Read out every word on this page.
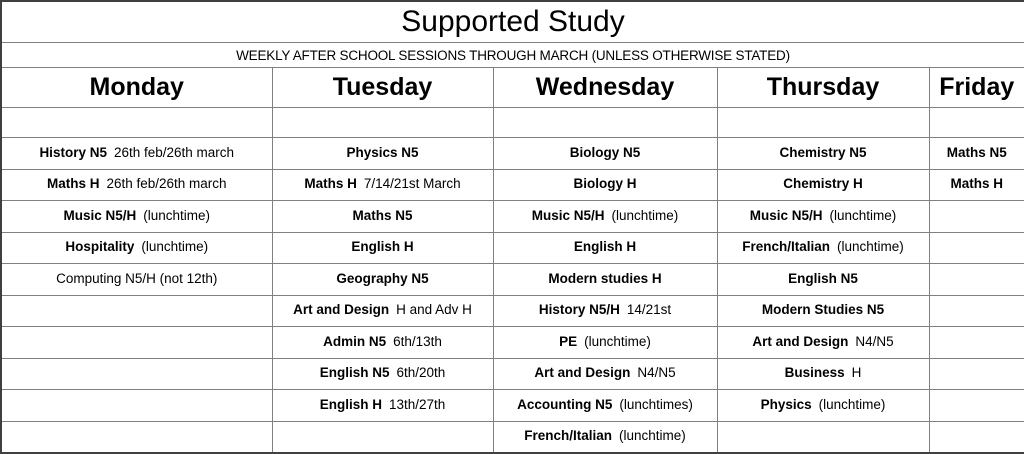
Supported Study				
WEEKLY AFTER SCHOOL SESSIONS THROUGH MARCH (UNLESS OTHERWISE STATED)				
Monday	Tuesday	Wednesday	Thursday	Friday

History N5 26th feb/26th march	Physics N5	Biology N5	Chemistry N5	Maths N5
Maths H 26th feb/26th march	Maths H 7/14/21st March	Biology H	Chemistry H	Maths H
Music N5/H (lunchtime)	Maths N5	Music N5/H (lunchtime)	Music N5/H (lunchtime)	
Hospitality (lunchtime)	English H	English H	French/Italian (lunchtime)	
Computing N5/H (not 12th)	Geography N5	Modern studies H	English N5	
	Art and Design H and Adv H	History N5/H 14/21st	Modern Studies N5	
	Admin N5 6th/13th	PE (lunchtime)	Art and Design N4/N5	
	English N5 6th/20th	Art and Design N4/N5	Business H	
	English H 13th/27th	Accounting N5 (lunchtimes)	Physics (lunchtime)	
		French/Italian (lunchtime)		
